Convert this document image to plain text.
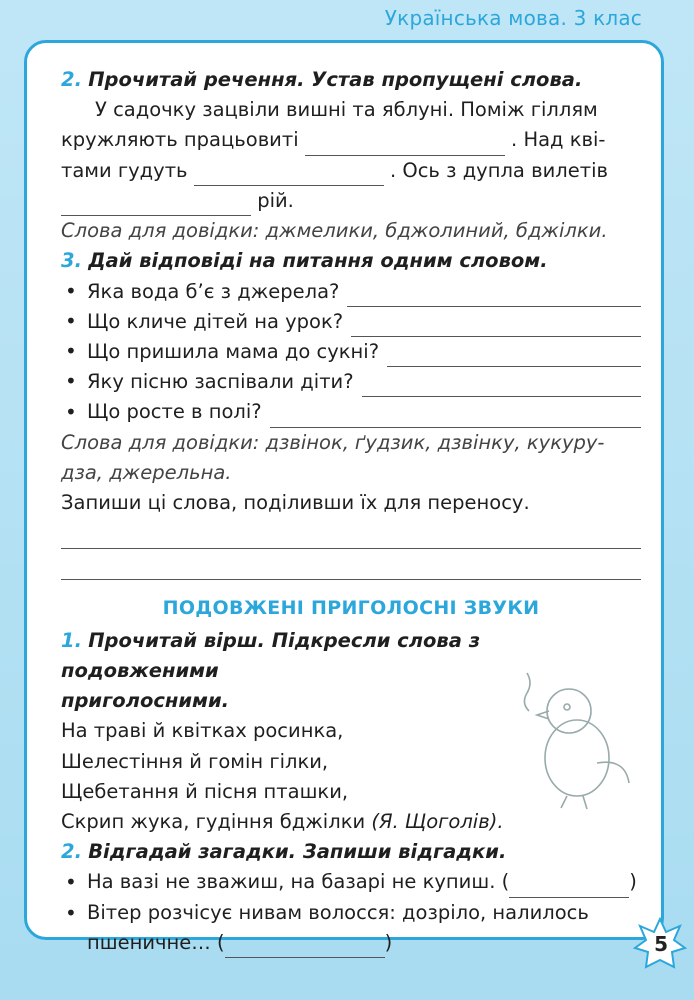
Українська мова. 3 клас
2. Прочитай речення. Устав пропущені слова.
У садочку зацвіли вишні та яблуні. Поміж гіллям
кружляють працьовиті	. Над кві-
тами гудуть	. Ось з дупла вилетів
рій.
Слова для довідки: джмелики, бджолиний, бджілки.
3. Дай відповіді на питання одним словом.
• Яка вода б’є з джерела?
• Що кличе дітей на урок?
• Що пришила мама до сукні?
• Яку пісню заспівали діти?
• Що росте в полі?
Слова для довідки: дзвінок, ґудзик, дзвінку, кукуру-
дза, джерельна.
Запиши ці слова, поділивши їх для переносу.
ПОДОВЖЕНІ ПРИГОЛОСНІ ЗВУКИ
1. Прочитай вірш. Підкресли слова з подовженими
приголосними.
На траві й квітках росинка,
Шелестіння й гомін гілки,
Щебетання й пісня пташки,
Скрип жука, гудіння бджілки (Я. Щоголів).
2. Відгадай загадки. Запиши відгадки.
• На вазі не зважиш, на базарі не купиш. (	)
• Вітер розчісує нивам волосся: дозріло, налилось
пшеничне… (	)	5
